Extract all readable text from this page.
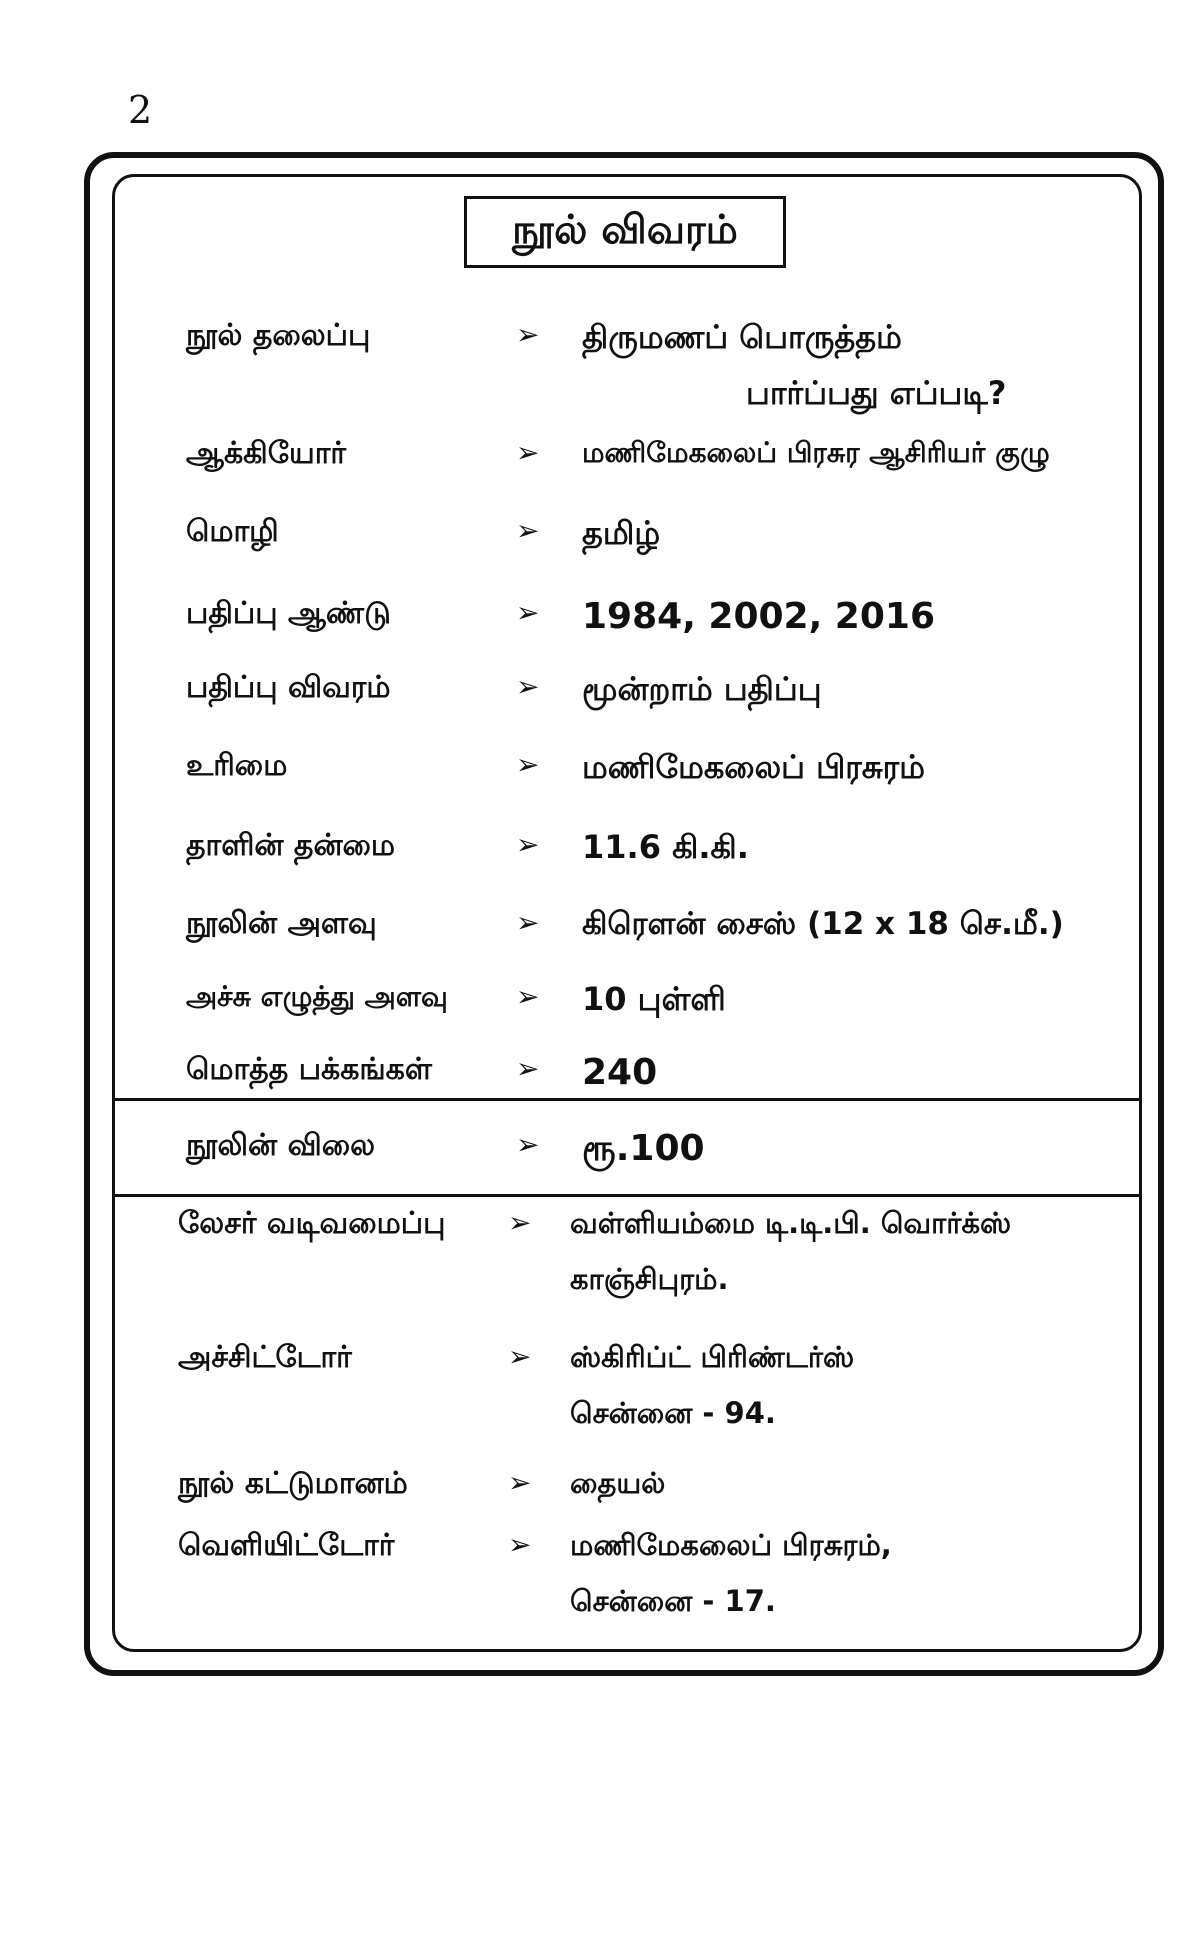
2
நூல் விவரம்
நூல் தலைப்பு	➢ திருமணப் பொருத்தம்
பார்ப்பது எப்படி?
ஆக்கியோர்	➢ மணிமேகலைப் பிரசுர ஆசிரியர் குழு
மொழி	➢ தமிழ்
பதிப்பு ஆண்டு	➢ 1984, 2002, 2016
பதிப்பு விவரம்	➢ மூன்றாம் பதிப்பு
உரிமை	➢ மணிமேகலைப் பிரசுரம்
தாளின் தன்மை	➢ 11.6 கி.கி.
நூலின் அளவு	➢ கிரௌன் சைஸ் (12 x 18 செ.மீ.)
அச்சு எழுத்து அளவு ➢ 10 புள்ளி
மொத்த பக்கங்கள்	➢ 240
நூலின் விலை	➢ ரூ.100
லேசர் வடிவமைப்பு ➢ வள்ளியம்மை டி.டி.பி. வொர்க்ஸ்
காஞ்சிபுரம்.
அச்சிட்டோர்	➢ ஸ்கிரிப்ட் பிரிண்டர்ஸ்
சென்னை - 94.
நூல் கட்டுமானம்	➢ தையல்
வெளியிட்டோர்	➢ மணிமேகலைப் பிரசுரம்,
சென்னை - 17.
